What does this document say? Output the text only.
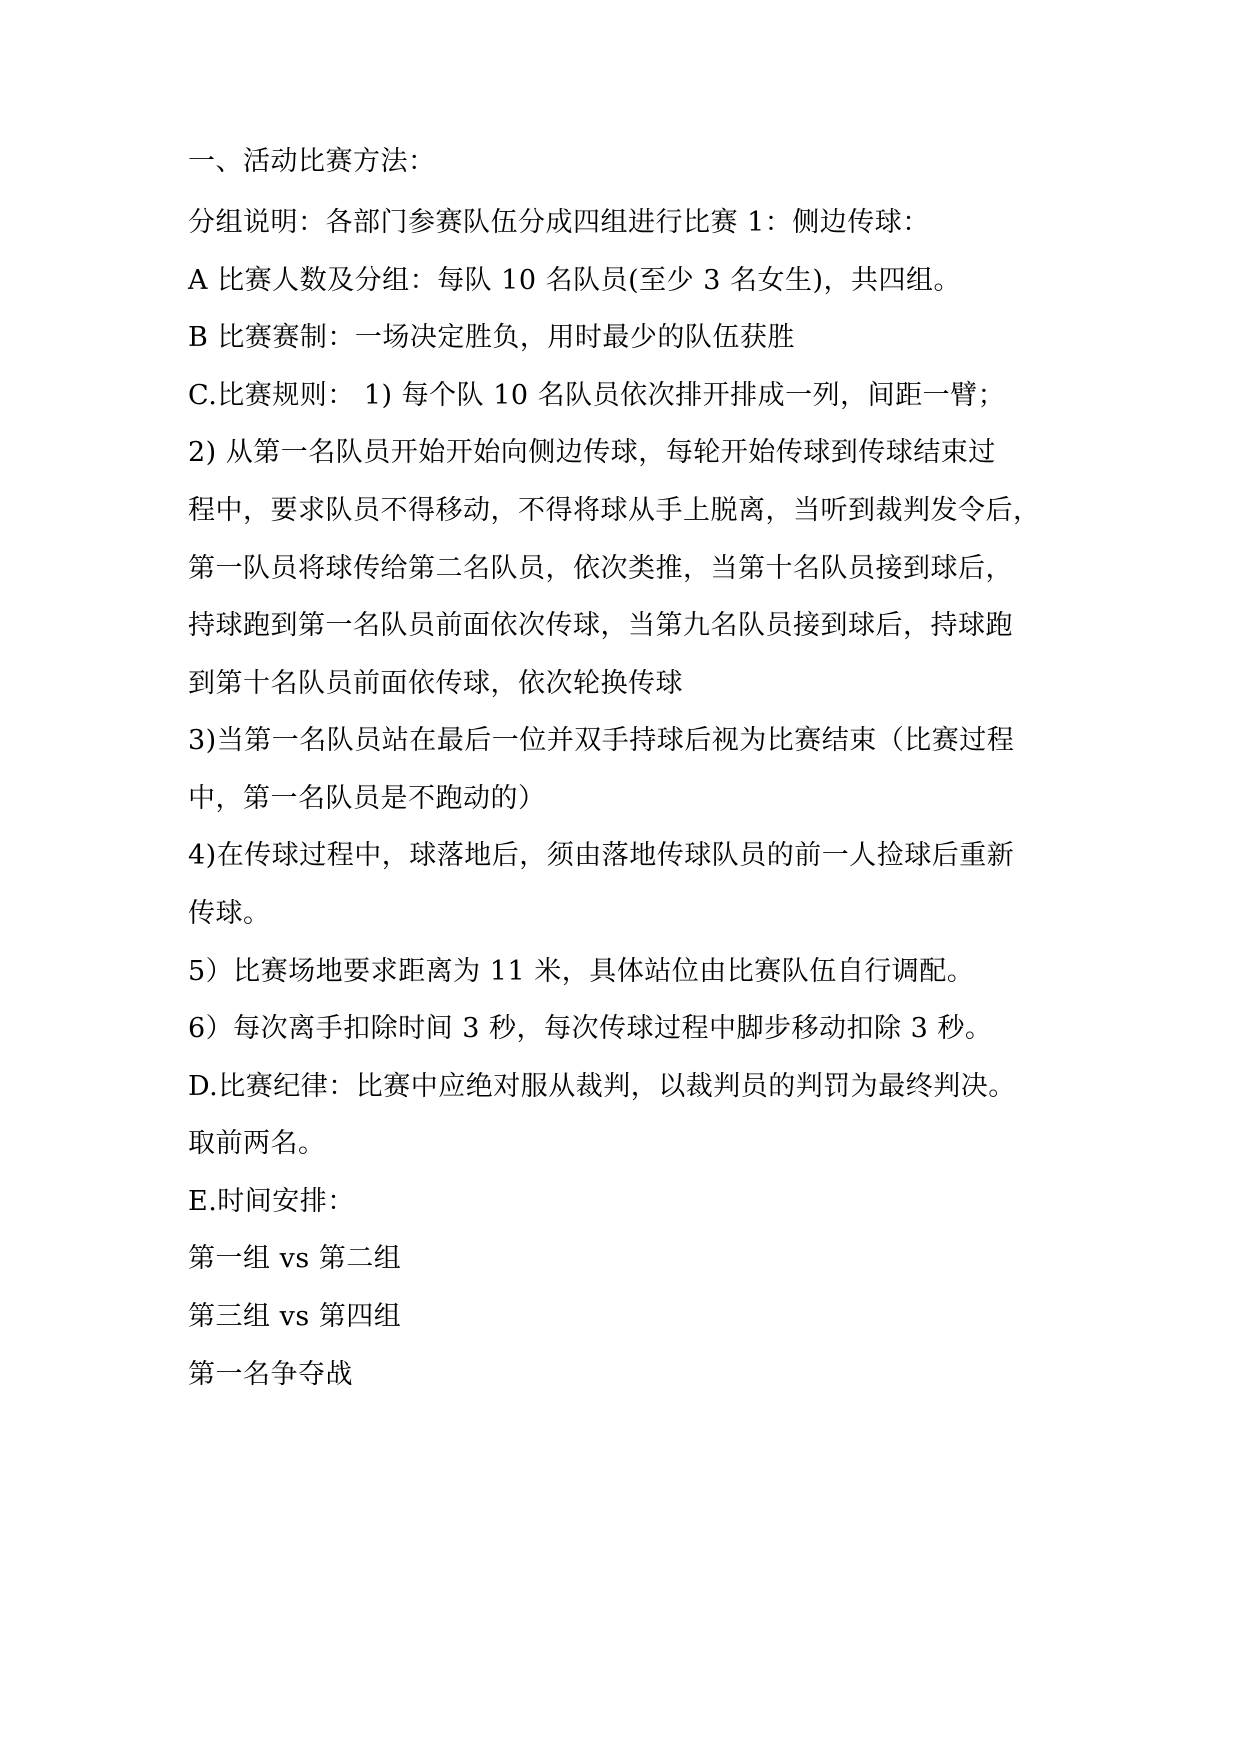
一、活动比赛方法：
分组说明：各部门参赛队伍分成四组进行比赛 1：侧边传球：
A 比赛人数及分组：每队 10 名队员(至少 3 名女生)，共四组。
B 比赛赛制：一场决定胜负，用时最少的队伍获胜
C.比赛规则： 1) 每个队 10 名队员依次排开排成一列，间距一臂；
2) 从第一名队员开始开始向侧边传球，每轮开始传球到传球结束过
程中，要求队员不得移动，不得将球从手上脱离，当听到裁判发令后，
第一队员将球传给第二名队员，依次类推，当第十名队员接到球后，
持球跑到第一名队员前面依次传球，当第九名队员接到球后，持球跑
到第十名队员前面依传球，依次轮换传球
3)当第一名队员站在最后一位并双手持球后视为比赛结束（比赛过程
中，第一名队员是不跑动的）
4)在传球过程中，球落地后，须由落地传球队员的前一人捡球后重新
传球。
5）比赛场地要求距离为 11 米，具体站位由比赛队伍自行调配。
6）每次离手扣除时间 3 秒，每次传球过程中脚步移动扣除 3 秒。
D.比赛纪律：比赛中应绝对服从裁判，以裁判员的判罚为最终判决。
取前两名。
E.时间安排：
第一组 vs 第二组
第三组 vs 第四组
第一名争夺战
